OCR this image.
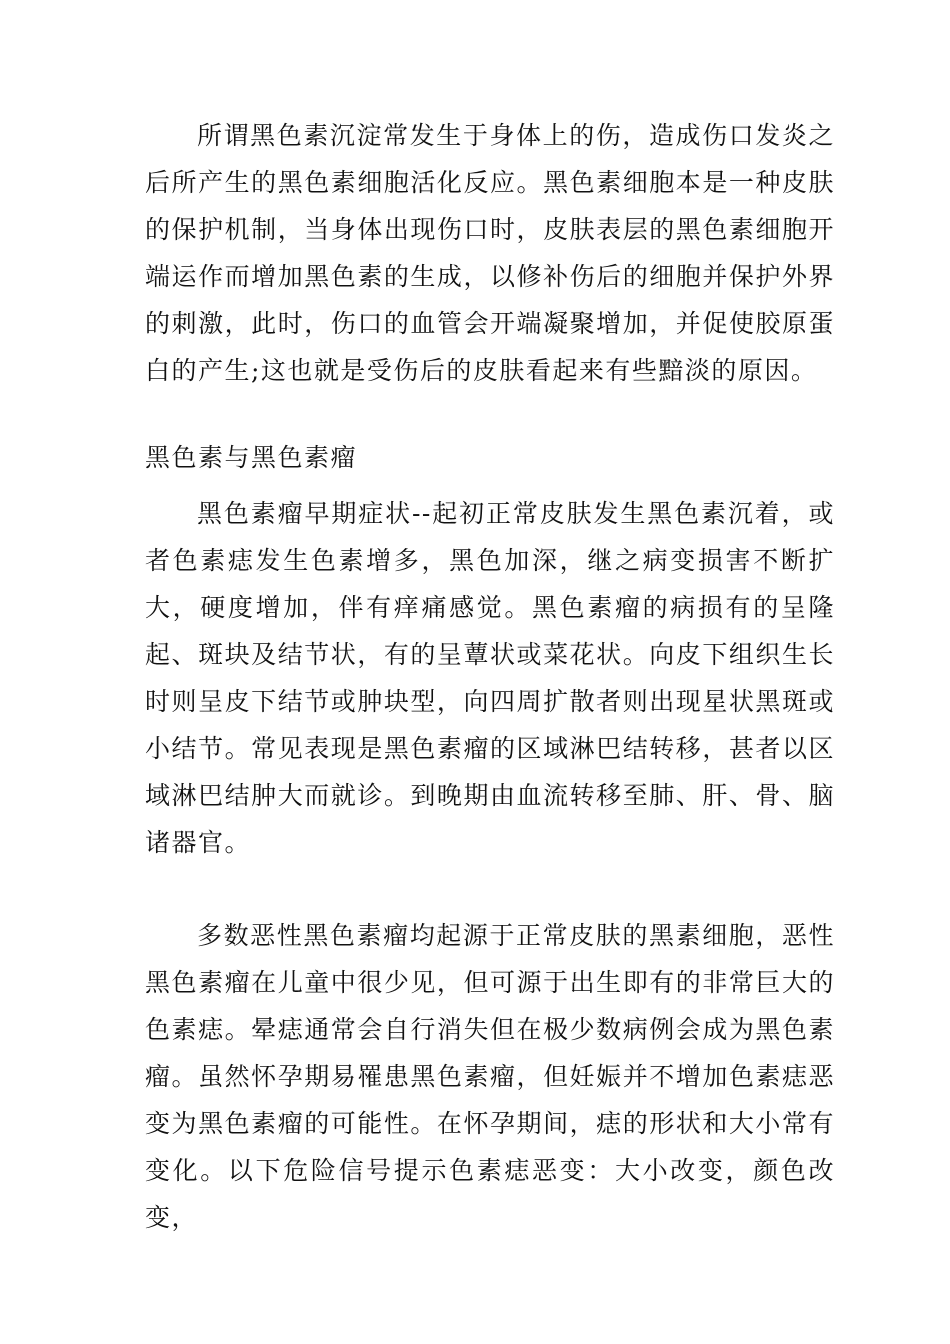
所谓黑色素沉淀常发生于身体上的伤，造成伤口发炎之后所产生的黑色素细胞活化反应。黑色素细胞本是一种皮肤的保护机制，当身体出现伤口时，皮肤表层的黑色素细胞开端运作而增加黑色素的生成，以修补伤后的细胞并保护外界的刺激，此时，伤口的血管会开端凝聚增加，并促使胶原蛋白的产生;这也就是受伤后的皮肤看起来有些黯淡的原因。
黑色素与黑色素瘤
黑色素瘤早期症状--起初正常皮肤发生黑色素沉着，或者色素痣发生色素增多，黑色加深，继之病变损害不断扩大，硬度增加，伴有痒痛感觉。黑色素瘤的病损有的呈隆起、斑块及结节状，有的呈蕈状或菜花状。向皮下组织生长时则呈皮下结节或肿块型，向四周扩散者则出现星状黑斑或小结节。常见表现是黑色素瘤的区域淋巴结转移，甚者以区域淋巴结肿大而就诊。到晚期由血流转移至肺、肝、骨、脑诸器官。
多数恶性黑色素瘤均起源于正常皮肤的黑素细胞，恶性黑色素瘤在儿童中很少见，但可源于出生即有的非常巨大的色素痣。晕痣通常会自行消失但在极少数病例会成为黑色素瘤。虽然怀孕期易罹患黑色素瘤，但妊娠并不增加色素痣恶变为黑色素瘤的可能性。在怀孕期间，痣的形状和大小常有变化。以下危险信号提示色素痣恶变：大小改变，颜色改变，
